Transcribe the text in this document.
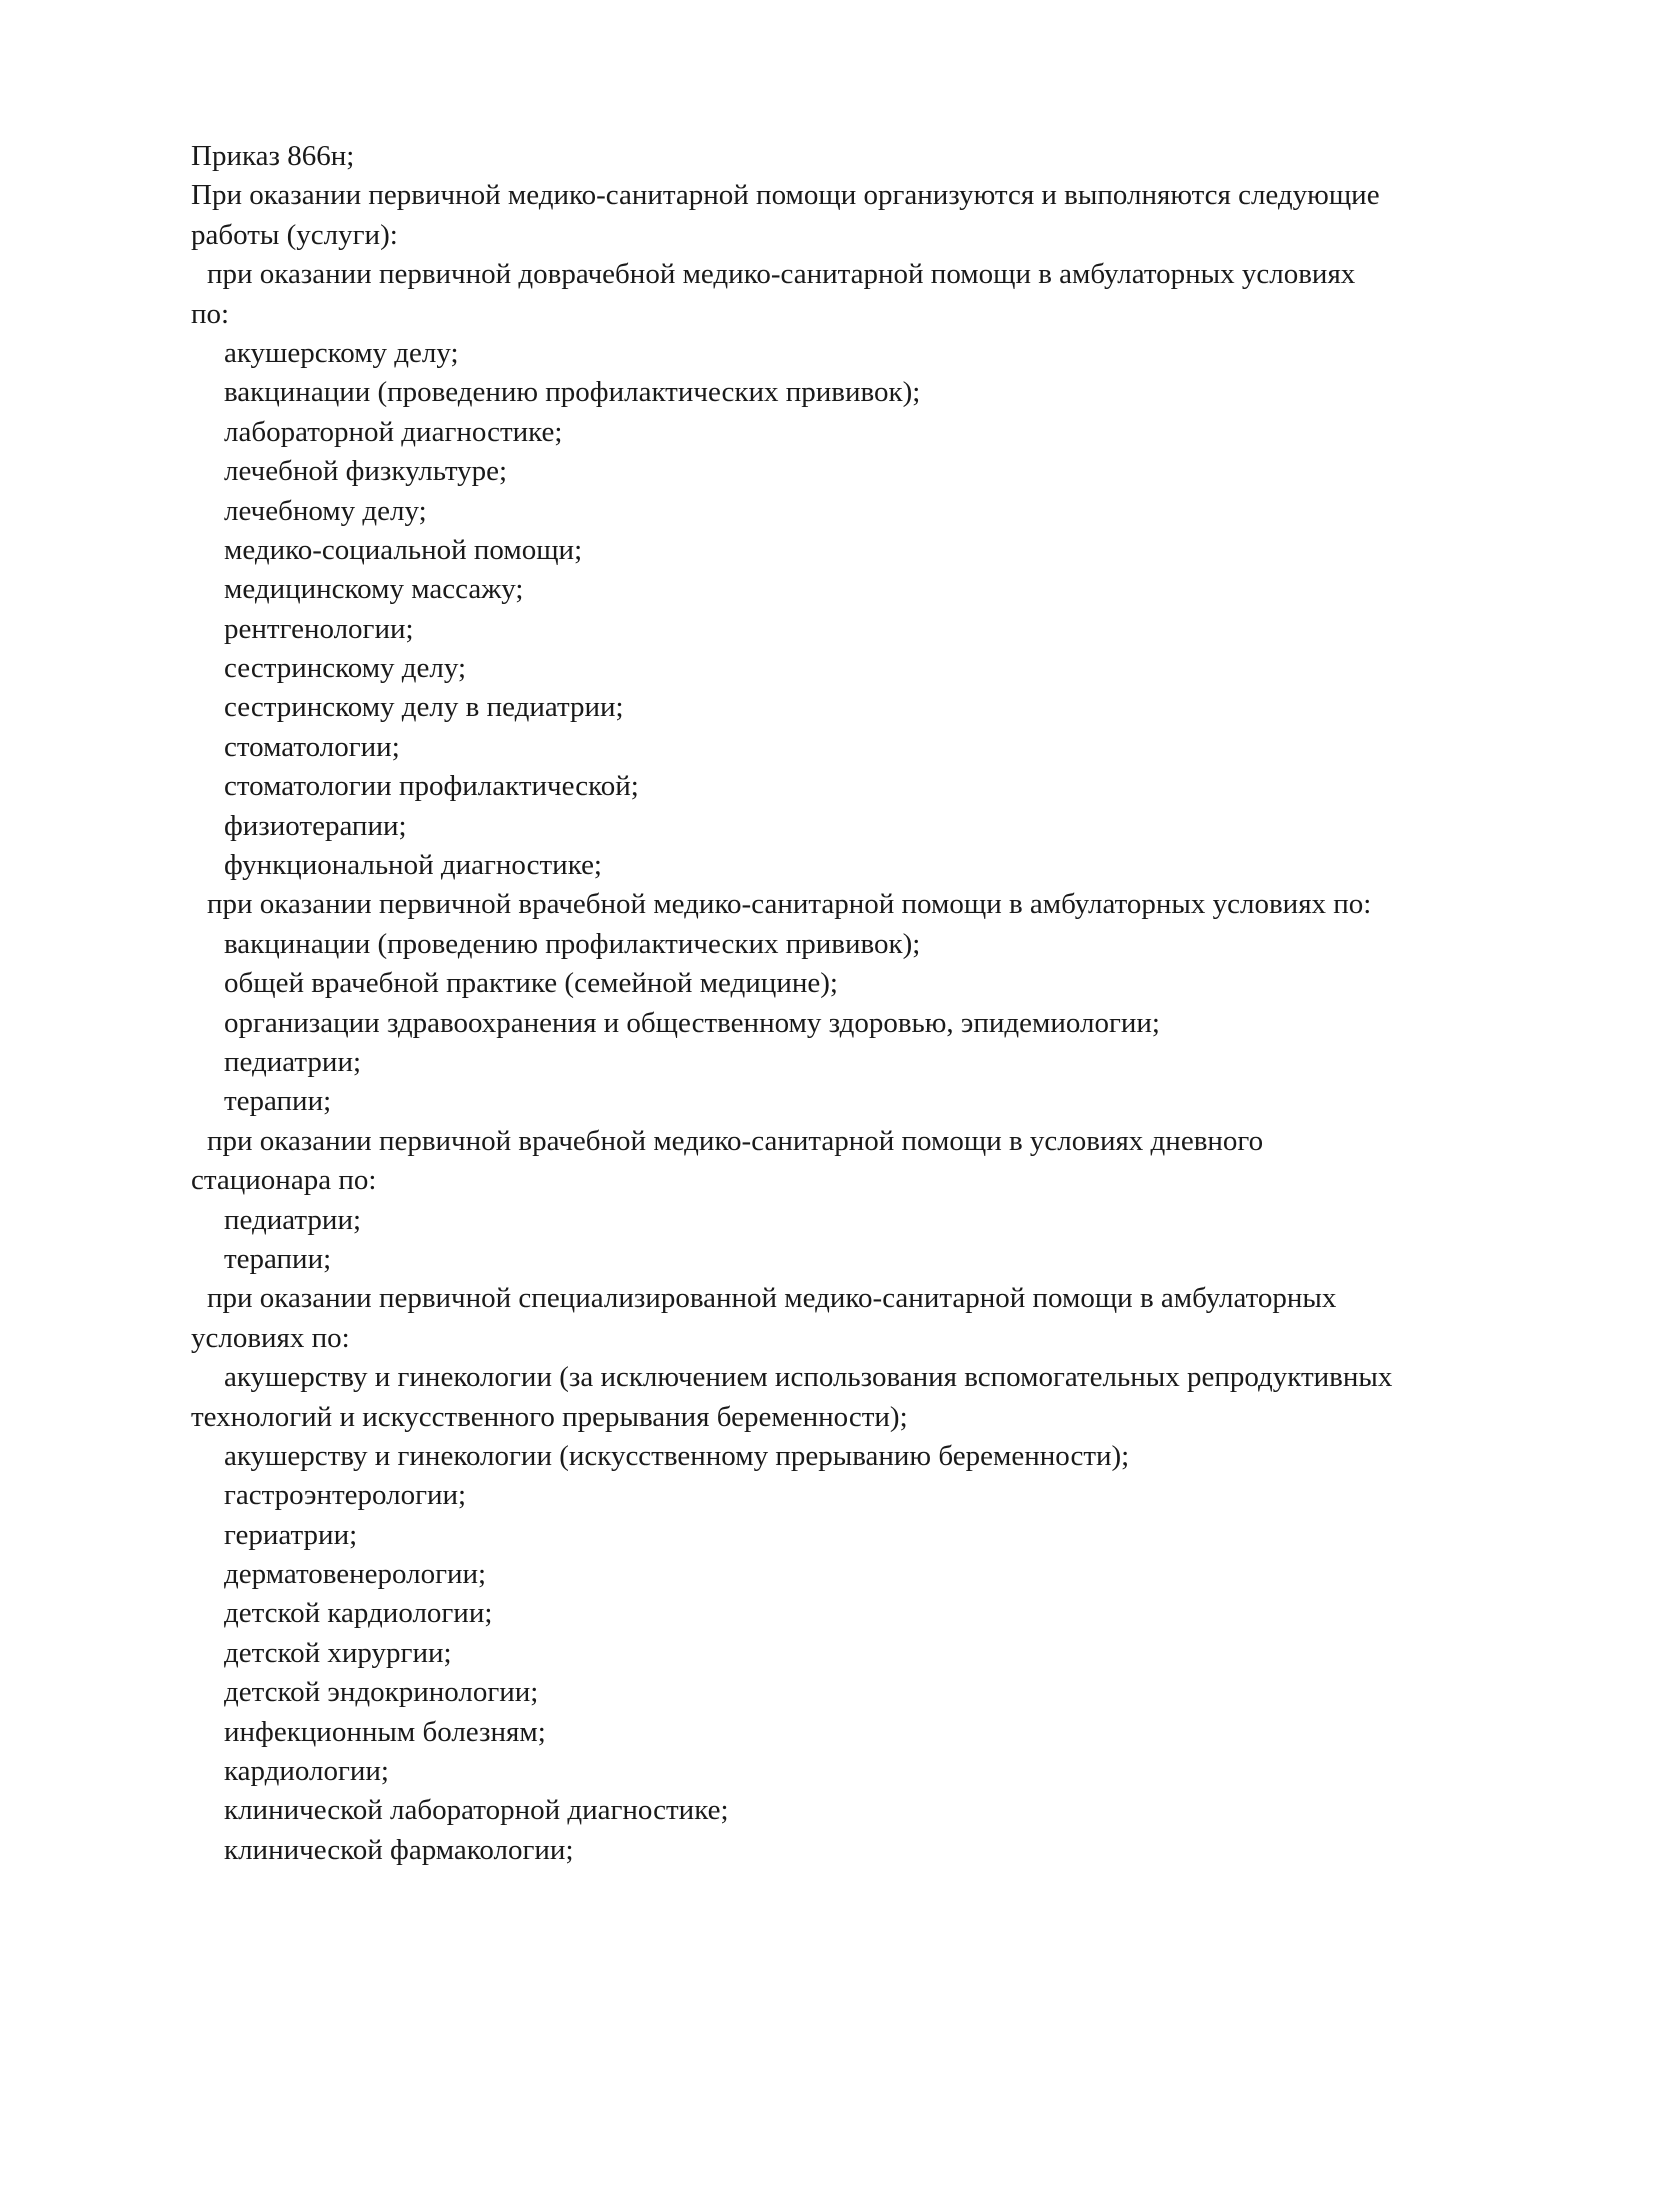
Приказ 866н;
При оказании первичной медико-санитарной помощи организуются и выполняются следующие
работы (услуги):
при оказании первичной доврачебной медико-санитарной помощи в амбулаторных условиях
по:
акушерскому делу;
вакцинации (проведению профилактических прививок);
лабораторной диагностике;
лечебной физкультуре;
лечебному делу;
медико-социальной помощи;
медицинскому массажу;
рентгенологии;
сестринскому делу;
сестринскому делу в педиатрии;
стоматологии;
стоматологии профилактической;
физиотерапии;
функциональной диагностике;
при оказании первичной врачебной медико-санитарной помощи в амбулаторных условиях по:
вакцинации (проведению профилактических прививок);
общей врачебной практике (семейной медицине);
организации здравоохранения и общественному здоровью, эпидемиологии;
педиатрии;
терапии;
при оказании первичной врачебной медико-санитарной помощи в условиях дневного
стационара по:
педиатрии;
терапии;
при оказании первичной специализированной медико-санитарной помощи в амбулаторных
условиях по:
акушерству и гинекологии (за исключением использования вспомогательных репродуктивных
технологий и искусственного прерывания беременности);
акушерству и гинекологии (искусственному прерыванию беременности);
гастроэнтерологии;
гериатрии;
дерматовенерологии;
детской кардиологии;
детской хирургии;
детской эндокринологии;
инфекционным болезням;
кардиологии;
клинической лабораторной диагностике;
клинической фармакологии;
